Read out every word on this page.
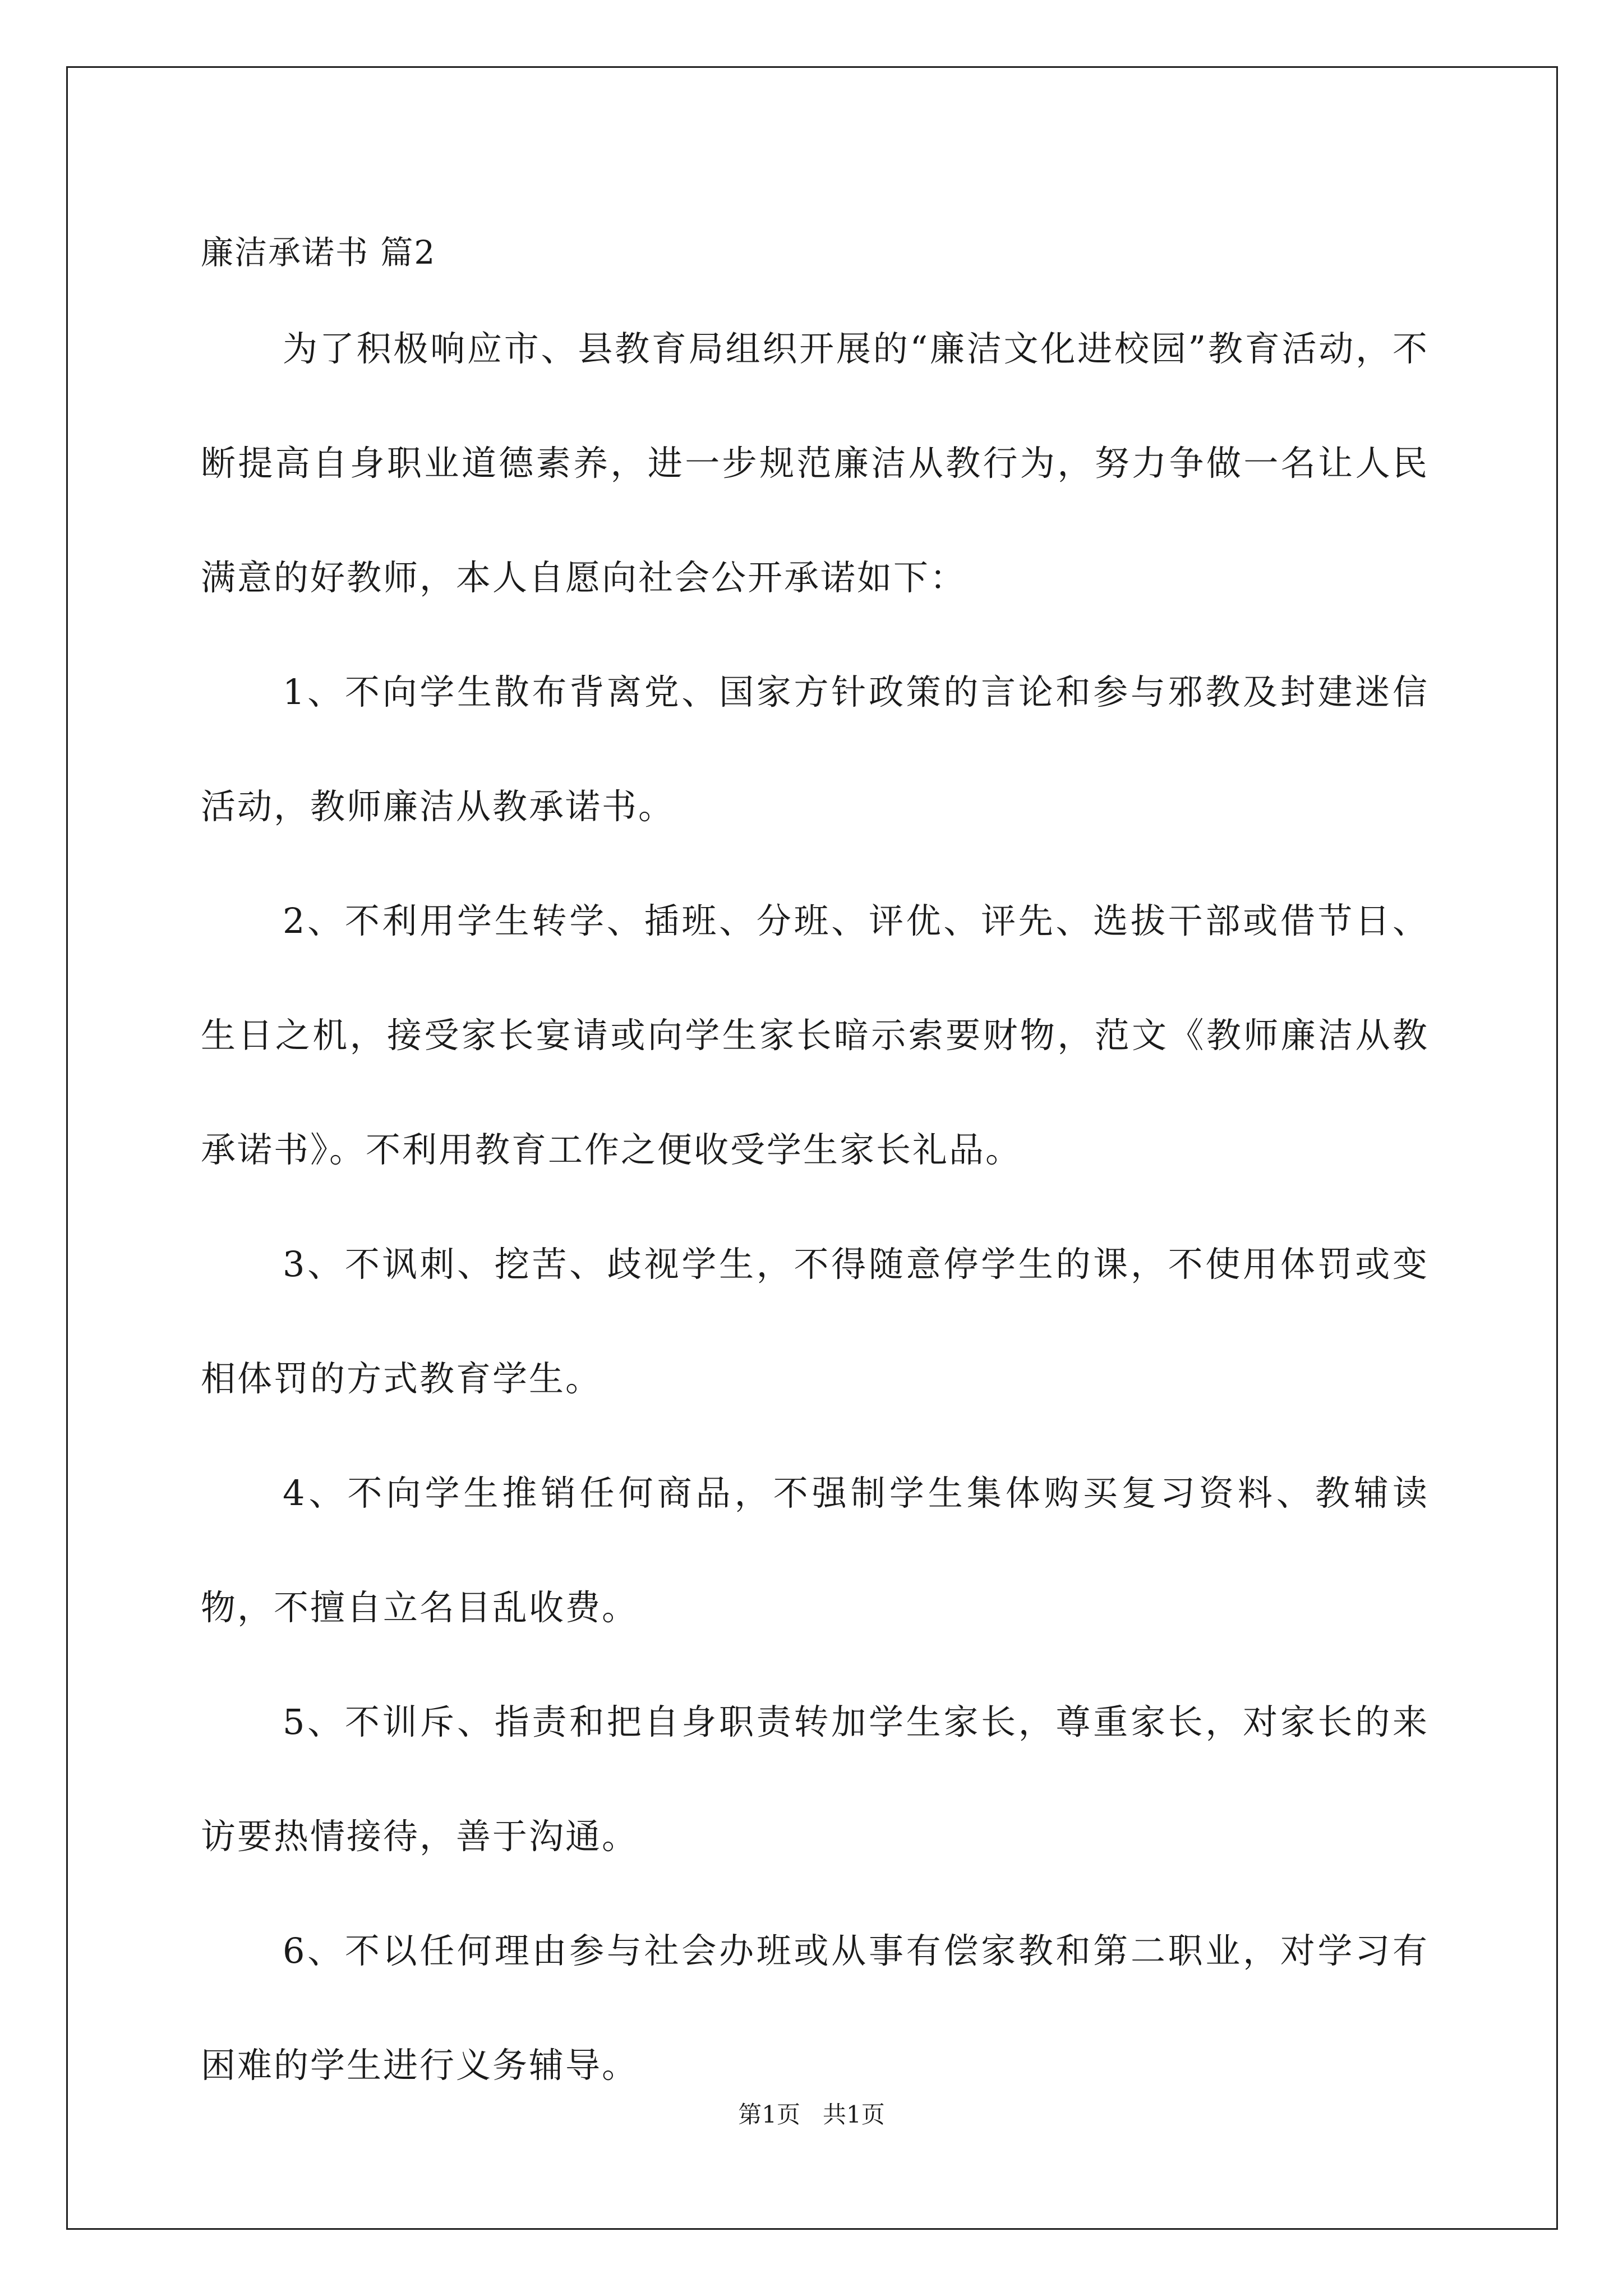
廉洁承诺书 篇2

为了积极响应市、县教育局组织开展的“廉洁文化进校园”教育活动，不断提高自身职业道德素养，进一步规范廉洁从教行为，努力争做一名让人民满意的好教师，本人自愿向社会公开承诺如下：

1、不向学生散布背离党、国家方针政策的言论和参与邪教及封建迷信活动，教师廉洁从教承诺书。

2、不利用学生转学、插班、分班、评优、评先、选拔干部或借节日、生日之机，接受家长宴请或向学生家长暗示索要财物，范文《教师廉洁从教承诺书》。不利用教育工作之便收受学生家长礼品。

3、不讽刺、挖苦、歧视学生，不得随意停学生的课，不使用体罚或变相体罚的方式教育学生。

4、不向学生推销任何商品，不强制学生集体购买复习资料、教辅读物，不擅自立名目乱收费。

5、不训斥、指责和把自身职责转加学生家长，尊重家长，对家长的来访要热情接待，善于沟通。

6、不以任何理由参与社会办班或从事有偿家教和第二职业，对学习有困难的学生进行义务辅导。

第1页 共1页
